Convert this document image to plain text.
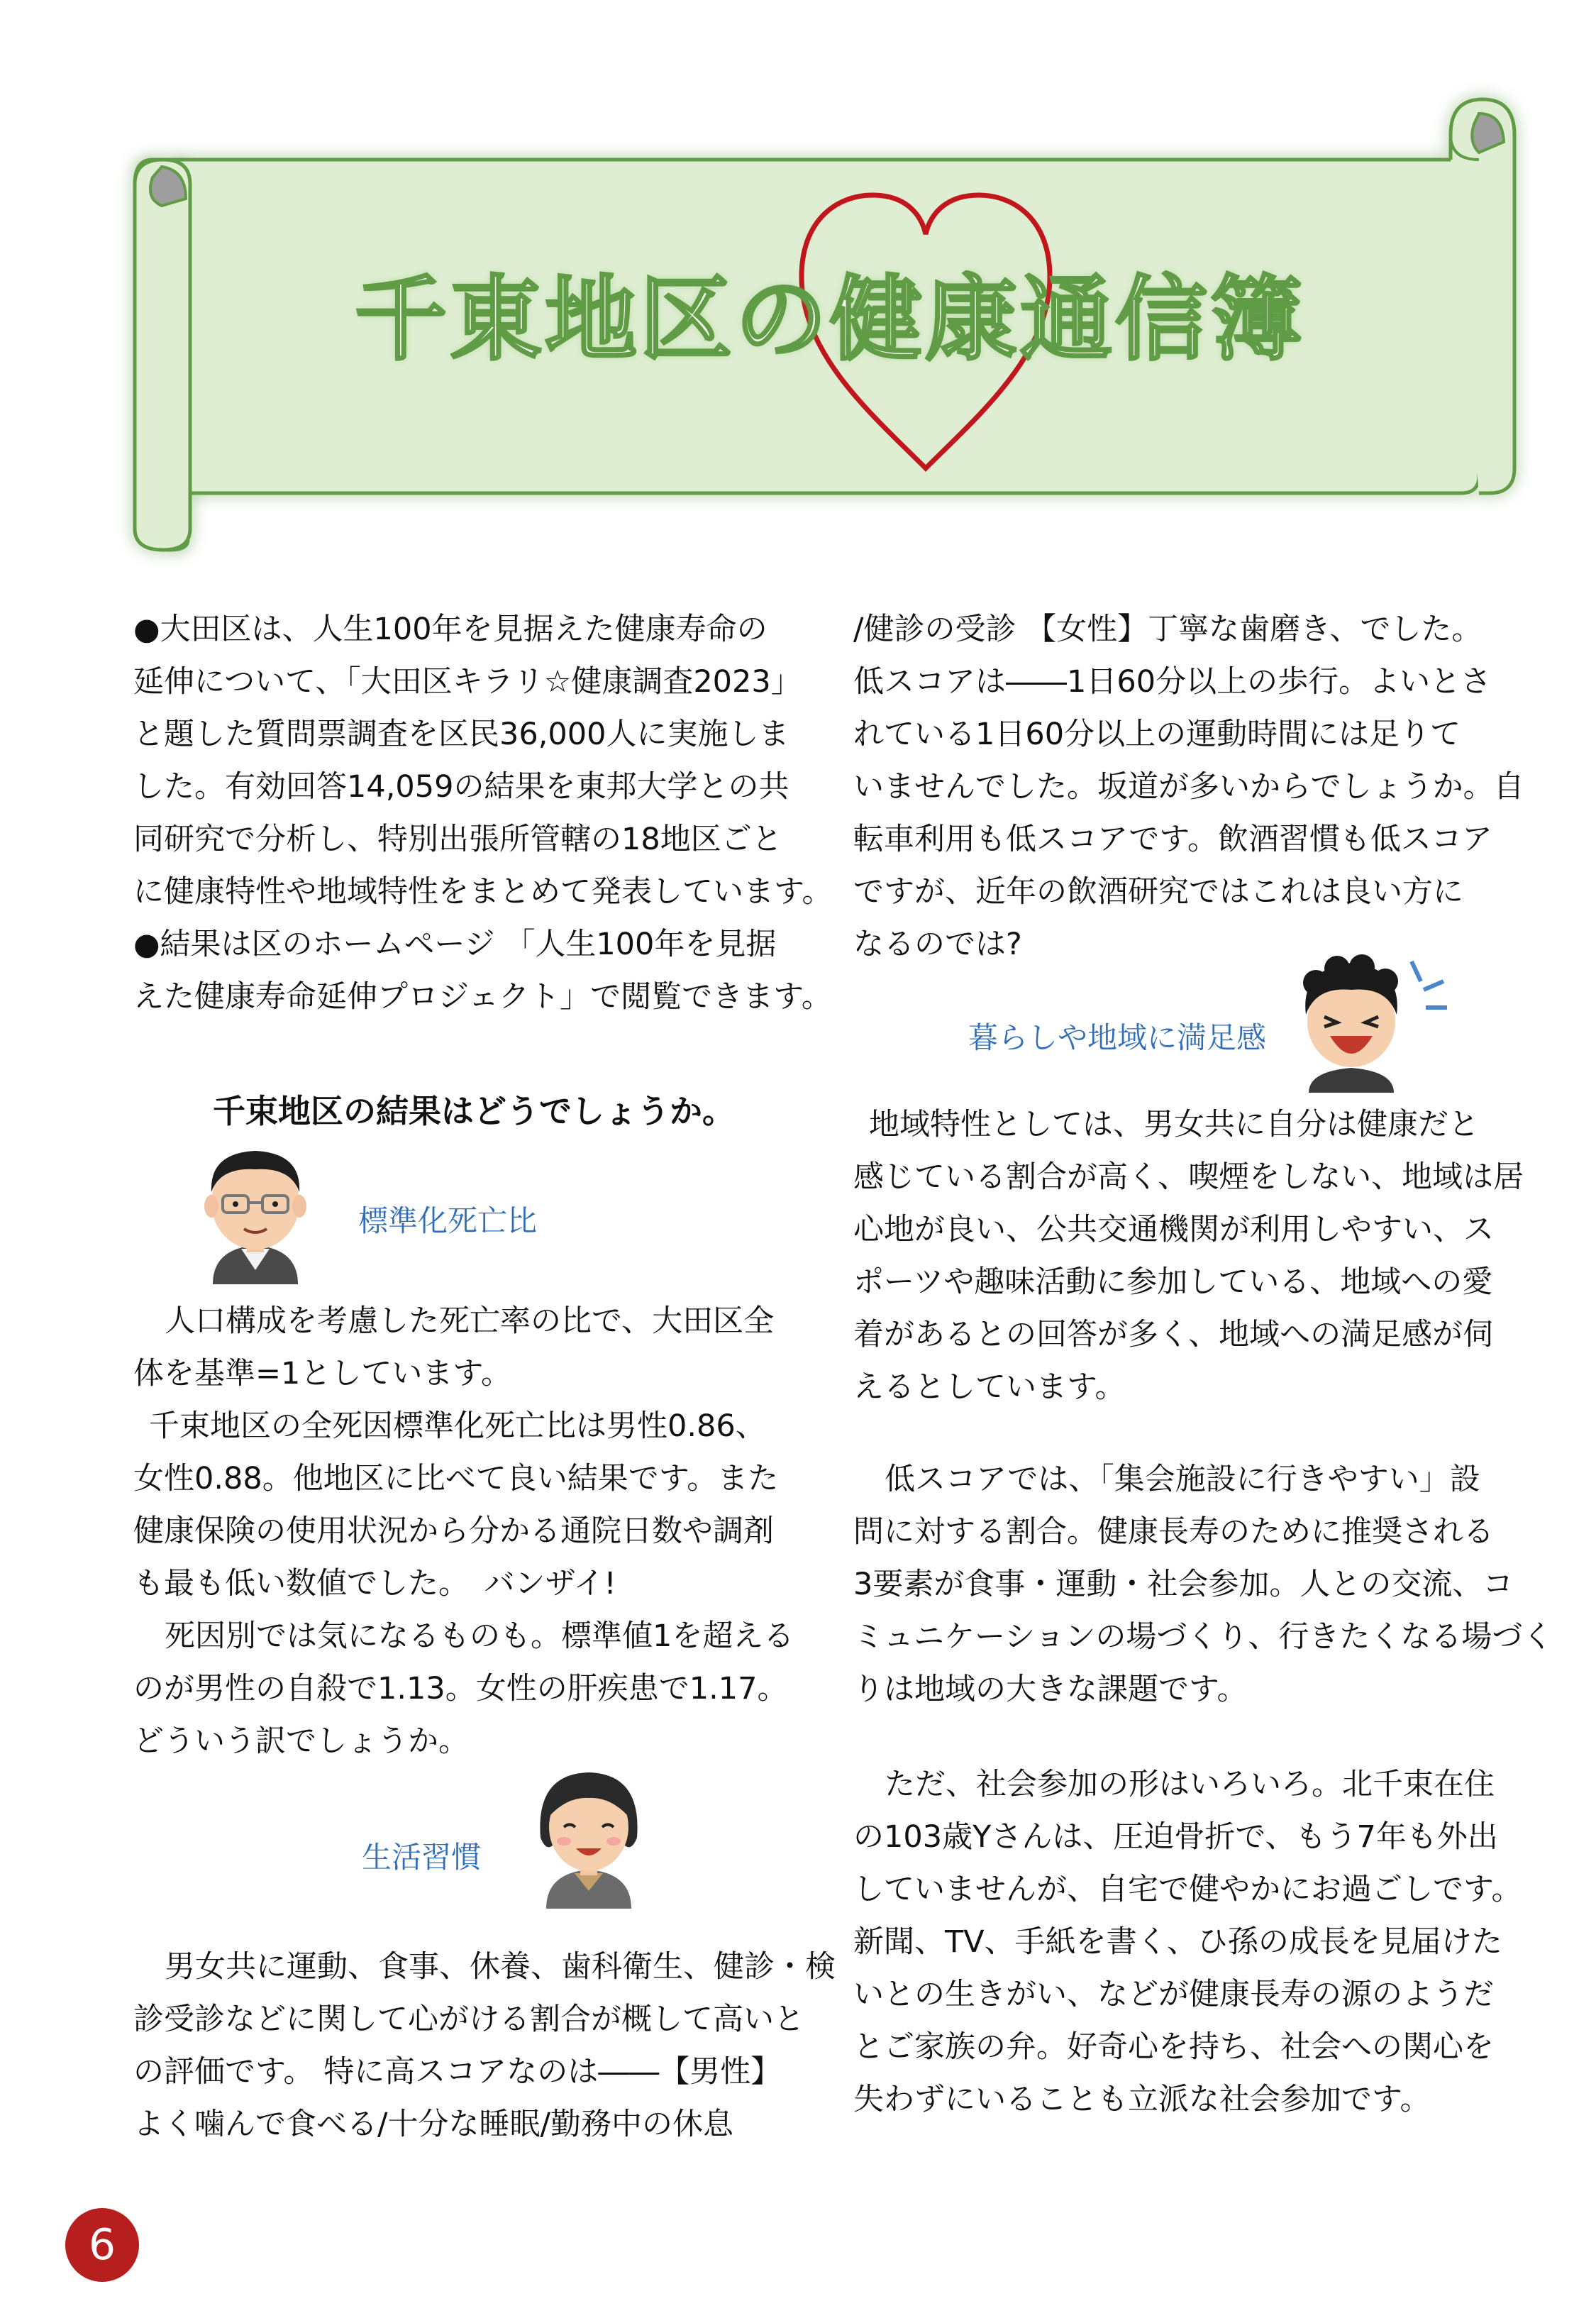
千東地区の健康通信簿

●大田区は、人生100年を見据えた健康寿命の

延伸について、「大田区キラリ☆健康調査2023」

と題した質問票調査を区民36,000人に実施しま

した。有効回答14,059の結果を東邦大学との共

同研究で分析し、特別出張所管轄の18地区ごと

に健康特性や地域特性をまとめて発表しています。

●結果は区のホームページ 「人生100年を見据

えた健康寿命延伸プロジェクト」で閲覧できます。

千束地区の結果はどうでしょうか。
標準化死亡比

人口構成を考慮した死亡率の比で、大田区全

体を基準=1としています。

千束地区の全死因標準化死亡比は男性0.86、

女性0.88。他地区に比べて良い結果です。また

健康保険の使用状況から分かる通院日数や調剤

も最も低い数値でした。　バンザイ!

死因別では気になるものも。標準値1を超える

のが男性の自殺で1.13。女性の肝疾患で1.17。

どういう訳でしょうか。

生活習慣

男女共に運動、食事、休養、歯科衛生、健診・検

診受診などに関して心がける割合が概して高いと

の評価です。 特に高スコアなのは――【男性】

よく噛んで食べる/十分な睡眠/勤務中の休息

/健診の受診 【女性】丁寧な歯磨き、でした。

低スコアは――1日60分以上の歩行。よいとさ

れている1日60分以上の運動時間には足りて

いませんでした。坂道が多いからでしょうか。自

転車利用も低スコアです。飲酒習慣も低スコア

ですが、近年の飲酒研究ではこれは良い方に

なるのでは?

暮らしや地域に満足感

地域特性としては、男女共に自分は健康だと

感じている割合が高く、喫煙をしない、地域は居

心地が良い、公共交通機関が利用しやすい、ス

ポーツや趣味活動に参加している、地域への愛

着があるとの回答が多く、地域への満足感が伺

えるとしています。

低スコアでは、「集会施設に行きやすい」設

問に対する割合。健康長寿のために推奨される

3要素が食事・運動・社会参加。人との交流、コ

ミュニケーションの場づくり、行きたくなる場づく

りは地域の大きな課題です。

ただ、社会参加の形はいろいろ。北千束在住

の103歳Yさんは、圧迫骨折で、もう7年も外出

していませんが、自宅で健やかにお過ごしです。

新聞、TV、手紙を書く、ひ孫の成長を見届けた

いとの生きがい、などが健康長寿の源のようだ

とご家族の弁。好奇心を持ち、社会への関心を

失わずにいることも立派な社会参加です。

6
